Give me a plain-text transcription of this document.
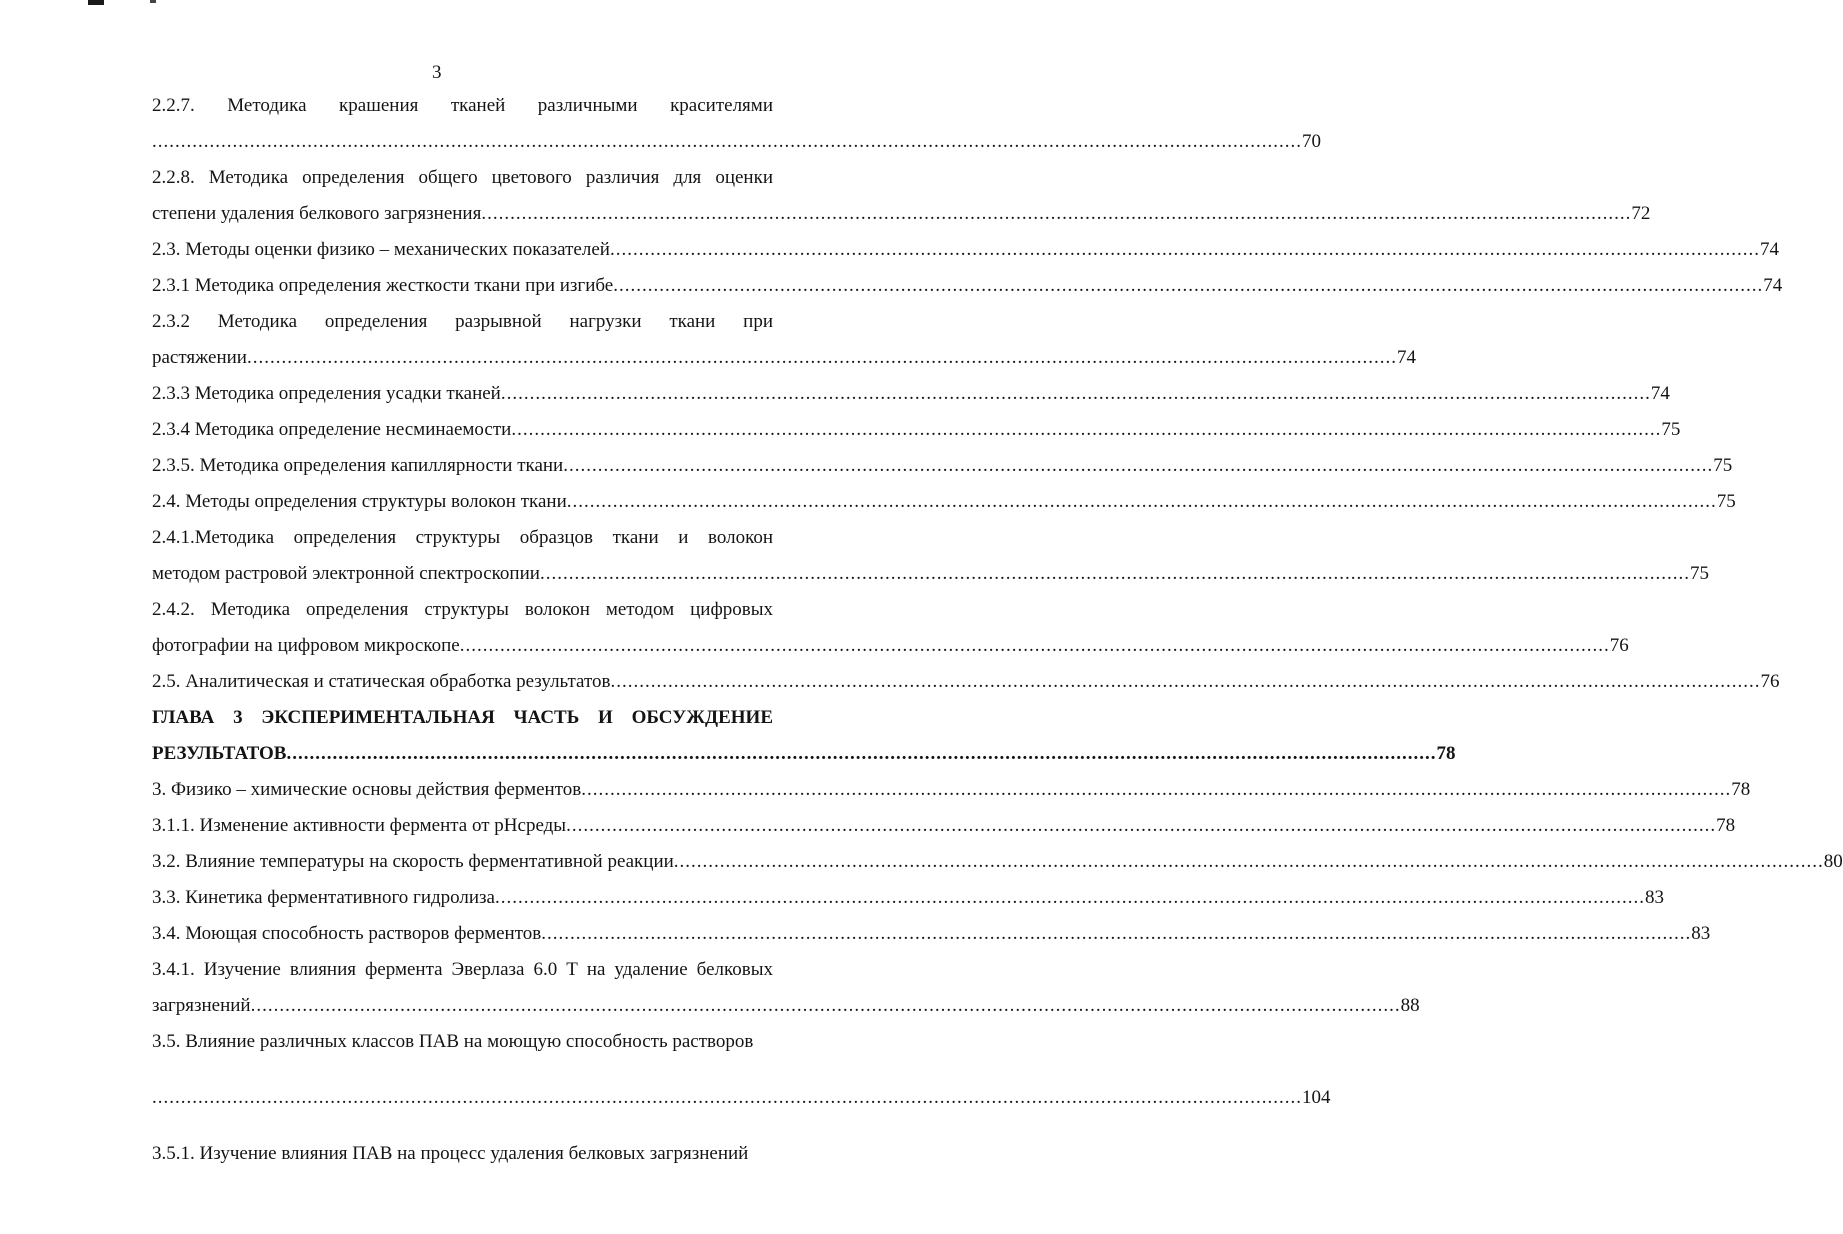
3
2.2.7. Методика крашения тканей различными красителями
........................................................................................................................................................................................................ 70
2.2.8. Методика определения общего цветового различия для оценки
степени удаления белкового загрязнения ........................................................................................................................................................................................................ 72
2.3. Методы оценки физико – механических показателей ........................................................................................................................................................................................................ 74
2.3.1 Методика определения жесткости ткани при изгибе ........................................................................................................................................................................................................ 74
2.3.2 Методика определения разрывной нагрузки ткани при
растяжении ........................................................................................................................................................................................................ 74
2.3.3 Методика определения усадки тканей ........................................................................................................................................................................................................ 74
2.3.4 Методика определение несминаемости ........................................................................................................................................................................................................ 75
2.3.5. Методика определения капиллярности ткани ........................................................................................................................................................................................................ 75
2.4. Методы определения структуры волокон ткани ........................................................................................................................................................................................................ 75
2.4.1.Методика определения структуры образцов ткани и волокон
методом растровой электронной спектроскопии ........................................................................................................................................................................................................ 75
2.4.2. Методика определения структуры волокон методом цифровых
фотографии на цифровом микроскопе ........................................................................................................................................................................................................ 76
2.5. Аналитическая и статическая обработка результатов ........................................................................................................................................................................................................ 76
ГЛАВА 3 ЭКСПЕРИМЕНТАЛЬНАЯ ЧАСТЬ И ОБСУЖДЕНИЕ
РЕЗУЛЬТАТОВ ........................................................................................................................................................................................................ 78
3. Физико – химические основы действия ферментов ........................................................................................................................................................................................................ 78
3.1.1. Изменение активности фермента от рНсреды ........................................................................................................................................................................................................ 78
3.2. Влияние температуры на скорость ферментативной реакции ........................................................................................................................................................................................................ 80
3.3. Кинетика ферментативного гидролиза ........................................................................................................................................................................................................ 83
3.4. Моющая способность растворов ферментов ........................................................................................................................................................................................................ 83
3.4.1. Изучение влияния фермента Эверлаза 6.0 Т на удаление белковых
загрязнений ........................................................................................................................................................................................................ 88
3.5. Влияние различных классов ПАВ на моющую способность растворов
........................................................................................................................................................................................................ 104
3.5.1. Изучение влияния ПАВ на процесс удаления белковых загрязнений
